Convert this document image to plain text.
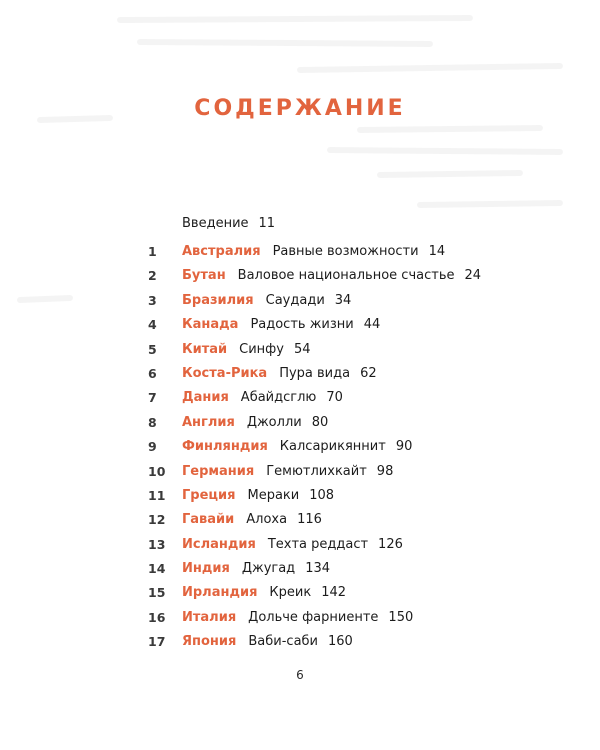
СОДЕРЖАНИЕ
Введение 11
1 Австралия Равные возможности 14
2 Бутан Валовое национальное счастье 24
3 Бразилия Саудади 34
4 Канада Радость жизни 44
5 Китай Синфу 54
6 Коста-Рика Пура вида 62
7 Дания Абайдсглю 70
8 Англия Джолли 80
9 Финляндия Калсарикяннит 90
10 Германия Гемютлихкайт 98
11 Греция Мераки 108
12 Гавайи Алоха 116
13 Исландия Техта реддаст 126
14 Индия Джугад 134
15 Ирландия Креик 142
16 Италия Дольче фарниенте 150
17 Япония Ваби-саби 160
6
